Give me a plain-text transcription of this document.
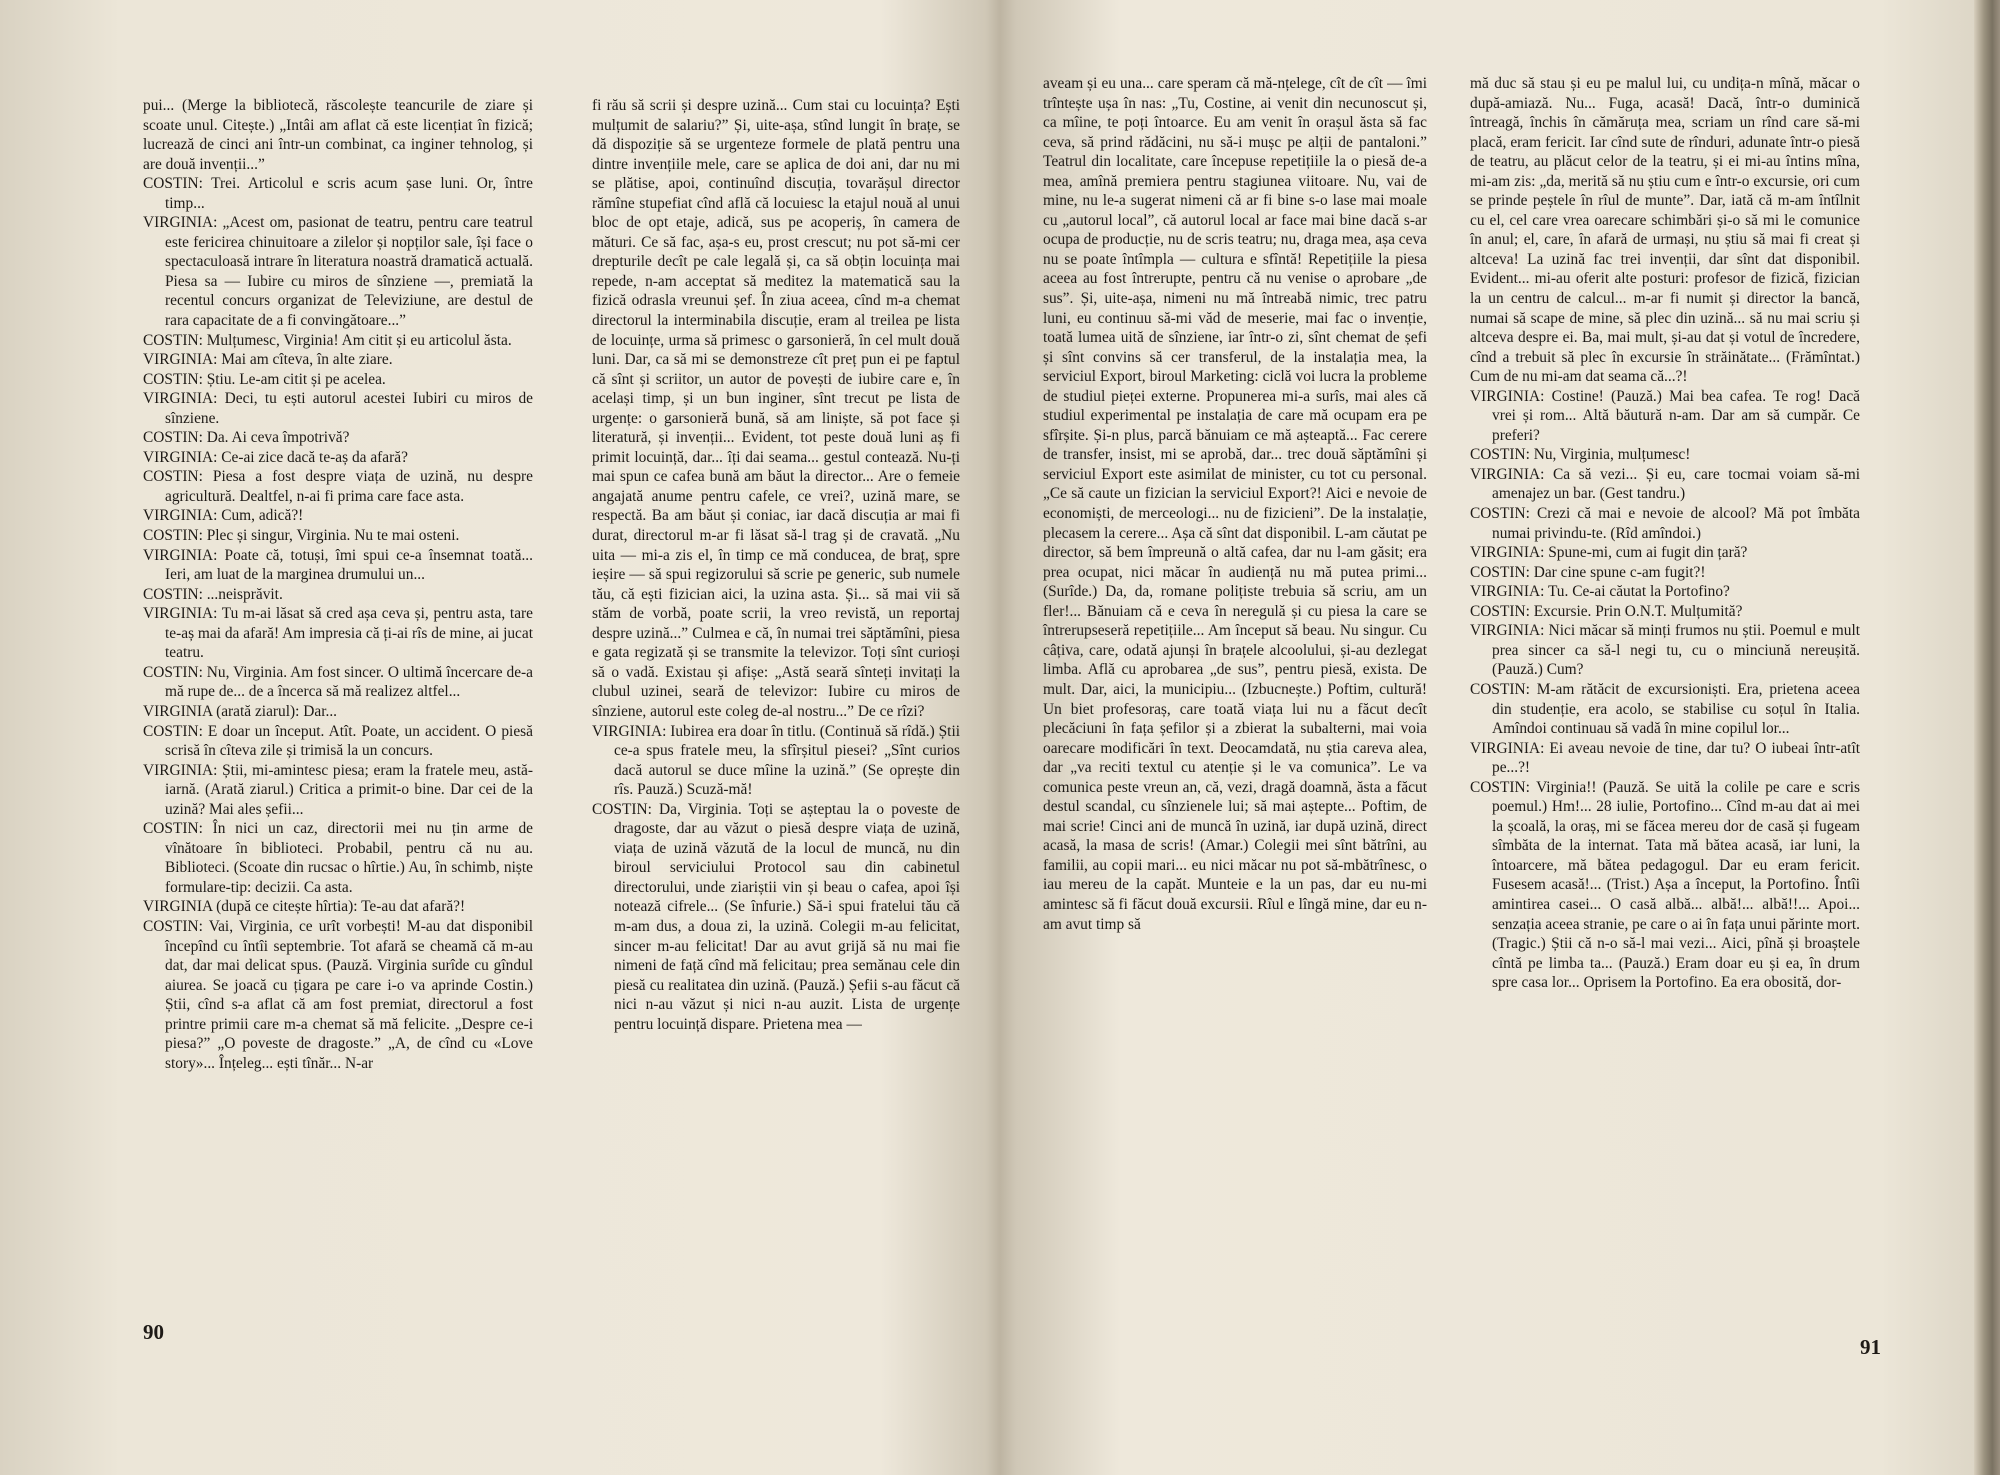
pui... (Merge la bibliotecă, răscolește teancurile de ziare și scoate unul. Citește.) „Intâi am aflat că este licențiat în fizică; lucrează de cinci ani într-un combinat, ca inginer tehnolog, și are două invenții...”

COSTIN: Trei. Articolul e scris acum șase luni. Or, între timp...

VIRGINIA: „Acest om, pasionat de teatru, pentru care teatrul este fericirea chinuitoare a zilelor și nopților sale, își face o spectaculoasă intrare în literatura noastră dramatică actuală. Piesa sa — Iubire cu miros de sînziene —, premiată la recentul concurs organizat de Televiziune, are destul de rara capacitate de a fi convingătoare...”

COSTIN: Mulțumesc, Virginia! Am citit și eu articolul ăsta.

VIRGINIA: Mai am cîteva, în alte ziare.

COSTIN: Știu. Le-am citit și pe acelea.

VIRGINIA: Deci, tu ești autorul acestei Iubiri cu miros de sînziene.

COSTIN: Da. Ai ceva împotrivă?

VIRGINIA: Ce-ai zice dacă te-aș da afară?

COSTIN: Piesa a fost despre viața de uzină, nu despre agricultură. Dealtfel, n-ai fi prima care face asta.

VIRGINIA: Cum, adică?!

COSTIN: Plec și singur, Virginia. Nu te mai osteni.

VIRGINIA: Poate că, totuși, îmi spui ce-a însemnat toată... Ieri, am luat de la marginea drumului un...

COSTIN: ...neisprăvit.

VIRGINIA: Tu m-ai lăsat să cred așa ceva și, pentru asta, tare te-aș mai da afară! Am impresia că ți-ai rîs de mine, ai jucat teatru.

COSTIN: Nu, Virginia. Am fost sincer. O ultimă încercare de-a mă rupe de... de a încerca să mă realizez altfel...

VIRGINIA (arată ziarul): Dar...

COSTIN: E doar un început. Atît. Poate, un accident. O piesă scrisă în cîteva zile și trimisă la un concurs.

VIRGINIA: Știi, mi-amintesc piesa; eram la fratele meu, astă-iarnă. (Arată ziarul.) Critica a primit-o bine. Dar cei de la uzină? Mai ales șefii...

COSTIN: În nici un caz, directorii mei nu țin arme de vînătoare în biblioteci. Probabil, pentru că nu au. Biblioteci. (Scoate din rucsac o hîrtie.) Au, în schimb, niște formulare-tip: decizii. Ca asta.

VIRGINIA (după ce citește hîrtia): Te-au dat afară?!

COSTIN: Vai, Virginia, ce urît vorbești! M-au dat disponibil începînd cu întîi septembrie. Tot afară se cheamă că m-au dat, dar mai delicat spus. (Pauză. Virginia surîde cu gîndul aiurea. Se joacă cu țigara pe care i-o va aprinde Costin.) Știi, cînd s-a aflat că am fost premiat, directorul a fost printre primii care m-a chemat să mă felicite. „Despre ce-i piesa?” „O poveste de dragoste.” „A, de cînd cu «Love story»... Înțeleg... ești tînăr... N-ar

fi rău să scrii și despre uzină... Cum stai cu locuința? Ești mulțumit de salariu?” Și, uite-așa, stînd lungit în brațe, se dă dispoziție să se urgenteze formele de plată pentru una dintre invențiile mele, care se aplica de doi ani, dar nu mi se plătise, apoi, continuînd discuția, tovarășul director rămîne stupefiat cînd află că locuiesc la etajul nouă al unui bloc de opt etaje, adică, sus pe acoperiș, în camera de mături. Ce să fac, așa-s eu, prost crescut; nu pot să-mi cer drepturile decît pe cale legală și, ca să obțin locuința mai repede, n-am acceptat să meditez la matematică sau la fizică odrasla vreunui șef. În ziua aceea, cînd m-a chemat directorul la interminabila discuție, eram al treilea pe lista de locuințe, urma să primesc o garsonieră, în cel mult două luni. Dar, ca să mi se demonstreze cît preț pun ei pe faptul că sînt și scriitor, un autor de povești de iubire care e, în același timp, și un bun inginer, sînt trecut pe lista de urgențe: o garsonieră bună, să am liniște, să pot face și literatură, și invenții... Evident, tot peste două luni aș fi primit locuință, dar... îți dai seama... gestul contează. Nu-ți mai spun ce cafea bună am băut la director... Are o femeie angajată anume pentru cafele, ce vrei?, uzină mare, se respectă. Ba am băut și coniac, iar dacă discuția ar mai fi durat, directorul m-ar fi lăsat să-l trag și de cravată. „Nu uita — mi-a zis el, în timp ce mă conducea, de braț, spre ieșire — să spui regizorului să scrie pe generic, sub numele tău, că ești fizician aici, la uzina asta. Și... să mai vii să stăm de vorbă, poate scrii, la vreo revistă, un reportaj despre uzină...” Culmea e că, în numai trei săptămîni, piesa e gata regizată și se transmite la televizor. Toți sînt curioși să o vadă. Existau și afișe: „Astă seară sînteți invitați la clubul uzinei, seară de televizor: Iubire cu miros de sînziene, autorul este coleg de-al nostru...” De ce rîzi?

VIRGINIA: Iubirea era doar în titlu. (Continuă să rîdă.) Știi ce-a spus fratele meu, la sfîrșitul piesei? „Sînt curios dacă autorul se duce mîine la uzină.” (Se oprește din rîs. Pauză.) Scuză-mă!

COSTIN: Da, Virginia. Toți se așteptau la o poveste de dragoste, dar au văzut o piesă despre viața de uzină, viața de uzină văzută de la locul de muncă, nu din biroul serviciului Protocol sau din cabinetul directorului, unde ziariștii vin și beau o cafea, apoi își notează cifrele... (Se înfurie.) Să-i spui fratelui tău că m-am dus, a doua zi, la uzină. Colegii m-au felicitat, sincer m-au felicitat! Dar au avut grijă să nu mai fie nimeni de față cînd mă felicitau; prea semănau cele din piesă cu realitatea din uzină. (Pauză.) Șefii s-au făcut că nici n-au văzut și nici n-au auzit. Lista de urgențe pentru locuință dispare. Prietena mea —

90

aveam și eu una... care speram că mă-nțelege, cît de cît — îmi trîntește ușa în nas: „Tu, Costine, ai venit din necunoscut și, ca mîine, te poți întoarce. Eu am venit în orașul ăsta să fac ceva, să prind rădăcini, nu să-i mușc pe alții de pantaloni.” Teatrul din localitate, care începuse repetițiile la o piesă de-a mea, amînă premiera pentru stagiunea viitoare. Nu, vai de mine, nu le-a sugerat nimeni că ar fi bine s-o lase mai moale cu „autorul local”, că autorul local ar face mai bine dacă s-ar ocupa de producție, nu de scris teatru; nu, draga mea, așa ceva nu se poate întîmpla — cultura e sfîntă! Repetițiile la piesa aceea au fost întrerupte, pentru că nu venise o aprobare „de sus”. Și, uite-așa, nimeni nu mă întreabă nimic, trec patru luni, eu continuu să-mi văd de meserie, mai fac o invenție, toată lumea uită de sînziene, iar într-o zi, sînt chemat de șefi și sînt convins să cer transferul, de la instalația mea, la serviciul Export, biroul Marketing: ciclă voi lucra la probleme de studiul pieței externe. Propunerea mi-a surîs, mai ales că studiul experimental pe instalația de care mă ocupam era pe sfîrșite. Și-n plus, parcă bănuiam ce mă așteaptă... Fac cerere de transfer, insist, mi se aprobă, dar... trec două săptămîni și serviciul Export este asimilat de minister, cu tot cu personal. „Ce să caute un fizician la serviciul Export?! Aici e nevoie de economiști, de merceologi... nu de fizicieni”. De la instalație, plecasem la cerere... Așa că sînt dat disponibil. L-am căutat pe director, să bem împreună o altă cafea, dar nu l-am găsit; era prea ocupat, nici măcar în audiență nu mă putea primi... (Surîde.) Da, da, romane polițiste trebuia să scriu, am un fler!... Bănuiam că e ceva în neregulă și cu piesa la care se întrerupseseră repetițiile... Am început să beau. Nu singur. Cu câțiva, care, odată ajunși în brațele alcoolului, și-au dezlegat limba. Află cu aprobarea „de sus”, pentru piesă, exista. De mult. Dar, aici, la municipiu... (Izbucnește.) Poftim, cultură! Un biet profesoraș, care toată viața lui nu a făcut decît plecăciuni în fața șefilor și a zbierat la subalterni, mai voia oarecare modificări în text. Deocamdată, nu știa careva alea, dar „va reciti textul cu atenție și le va comunica”. Le va comunica peste vreun an, că, vezi, dragă doamnă, ăsta a făcut destul scandal, cu sînzienele lui; să mai aștepte... Poftim, de mai scrie! Cinci ani de muncă în uzină, iar după uzină, direct acasă, la masa de scris! (Amar.) Colegii mei sînt bătrîni, au familii, au copii mari... eu nici măcar nu pot să-mbătrînesc, o iau mereu de la capăt. Munteie e la un pas, dar eu nu-mi amintesc să fi făcut două excursii. Rîul e lîngă mine, dar eu n-am avut timp să

mă duc să stau și eu pe malul lui, cu undița-n mînă, măcar o după-amiază. Nu... Fuga, acasă! Dacă, într-o duminică întreagă, închis în cămăruța mea, scriam un rînd care să-mi placă, eram fericit. Iar cînd sute de rînduri, adunate într-o piesă de teatru, au plăcut celor de la teatru, și ei mi-au întins mîna, mi-am zis: „da, merită să nu știu cum e într-o excursie, ori cum se prinde peștele în rîul de munte”. Dar, iată că m-am întîlnit cu el, cel care vrea oarecare schimbări și-o să mi le comunice în anul; el, care, în afară de urmași, nu știu să mai fi creat și altceva! La uzină fac trei invenții, dar sînt dat disponibil. Evident... mi-au oferit alte posturi: profesor de fizică, fizician la un centru de calcul... m-ar fi numit și director la bancă, numai să scape de mine, să plec din uzină... să nu mai scriu și altceva despre ei. Ba, mai mult, și-au dat și votul de încredere, cînd a trebuit să plec în excursie în străinătate... (Frămîntat.) Cum de nu mi-am dat seama că...?!

VIRGINIA: Costine! (Pauză.) Mai bea cafea. Te rog! Dacă vrei și rom... Altă băutură n-am. Dar am să cumpăr. Ce preferi?

COSTIN: Nu, Virginia, mulțumesc!

VIRGINIA: Ca să vezi... Și eu, care tocmai voiam să-mi amenajez un bar. (Gest tandru.)

COSTIN: Crezi că mai e nevoie de alcool? Mă pot îmbăta numai privindu-te. (Rîd amîndoi.)

VIRGINIA: Spune-mi, cum ai fugit din țară?

COSTIN: Dar cine spune c-am fugit?!

VIRGINIA: Tu. Ce-ai căutat la Portofino?

COSTIN: Excursie. Prin O.N.T. Mulțumită?

VIRGINIA: Nici măcar să minți frumos nu știi. Poemul e mult prea sincer ca să-l negi tu, cu o minciună nereușită. (Pauză.) Cum?

COSTIN: M-am rătăcit de excursioniști. Era, prietena aceea din studenție, era acolo, se stabilise cu soțul în Italia. Amîndoi continuau să vadă în mine copilul lor...

VIRGINIA: Ei aveau nevoie de tine, dar tu? O iubeai într-atît pe...?!

COSTIN: Virginia!! (Pauză. Se uită la colile pe care e scris poemul.) Hm!... 28 iulie, Portofino... Cînd m-au dat ai mei la școală, la oraș, mi se făcea mereu dor de casă și fugeam sîmbăta de la internat. Tata mă bătea acasă, iar luni, la întoarcere, mă bătea pedagogul. Dar eu eram fericit. Fusesem acasă!... (Trist.) Așa a început, la Portofino. Întîi amintirea casei... O casă albă... albă!... albă!!... Apoi... senzația aceea stranie, pe care o ai în fața unui părinte mort. (Tragic.) Știi că n-o să-l mai vezi... Aici, pînă și broaștele cîntă pe limba ta... (Pauză.) Eram doar eu și ea, în drum spre casa lor... Oprisem la Portofino. Ea era obosită, dor-

91
